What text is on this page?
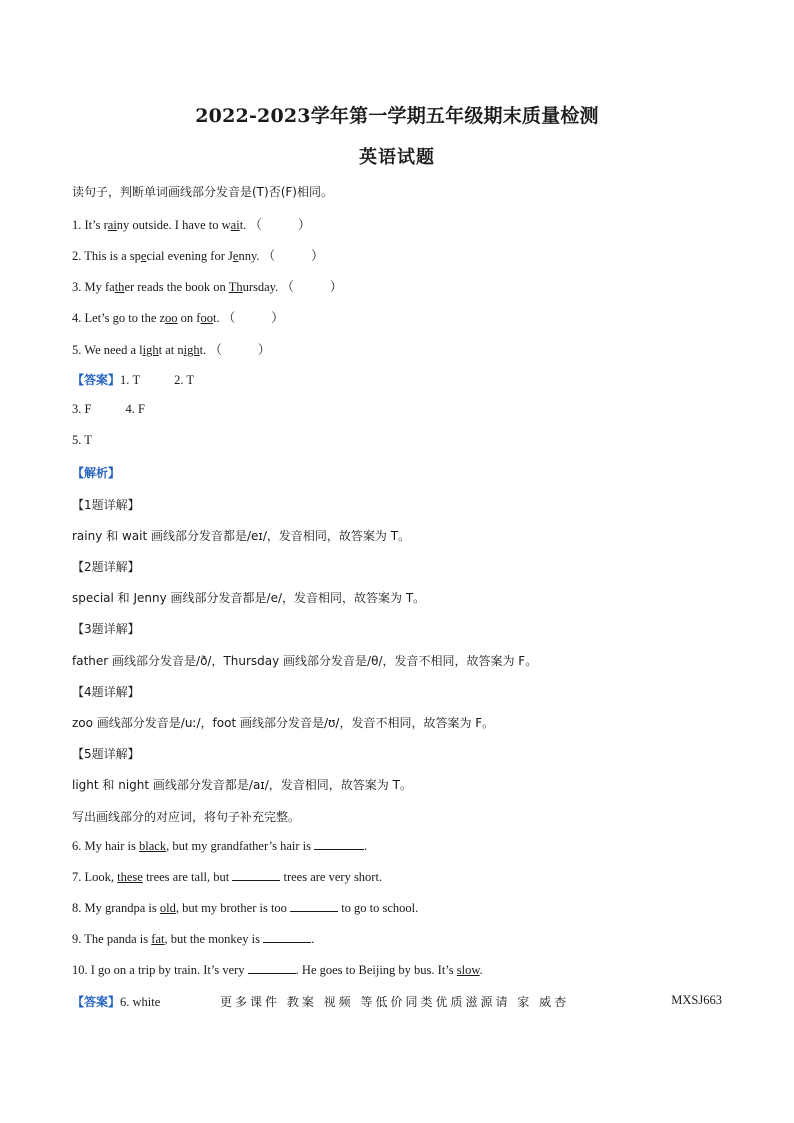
2022-2023学年第一学期五年级期末质量检测
英语试题
读句子，判断单词画线部分发音是(T)否(F)相同。
1. It’s rainy outside. I have to wait. （	）
2. This is a special evening for Jenny. （	）
3. My father reads the book on Thursday. （	）
4. Let’s go to the zoo on foot. （	）
5. We need a light at night. （	）
【答案】1. T	2. T
3. F	4. F
5. T
【解析】
【1题详解】
rainy 和 wait 画线部分发音都是/eɪ/，发音相同，故答案为 T。
【2题详解】
special 和 Jenny 画线部分发音都是/e/，发音相同，故答案为 T。
【3题详解】
father 画线部分发音是/ð/，Thursday 画线部分发音是/θ/，发音不相同，故答案为 F。
【4题详解】
zoo 画线部分发音是/uː/，foot 画线部分发音是/ʊ/，发音不相同，故答案为 F。
【5题详解】
light 和 night 画线部分发音都是/aɪ/，发音相同，故答案为 T。
写出画线部分的对应词，将句子补充完整。
6. My hair is black, but my grandfather’s hair is	.
7. Look, these trees are tall, but	trees are very short.
8. My grandpa is old, but my brother is too	to go to school.
9. The panda is fat, but the monkey is	.
10. I go on a trip by train. It’s very	. He goes to Beijing by bus. It’s slow.
【答案】6. white	更多课件 教案 视频 等低价同类优质滋源请 家 威杏	MXSJ663
